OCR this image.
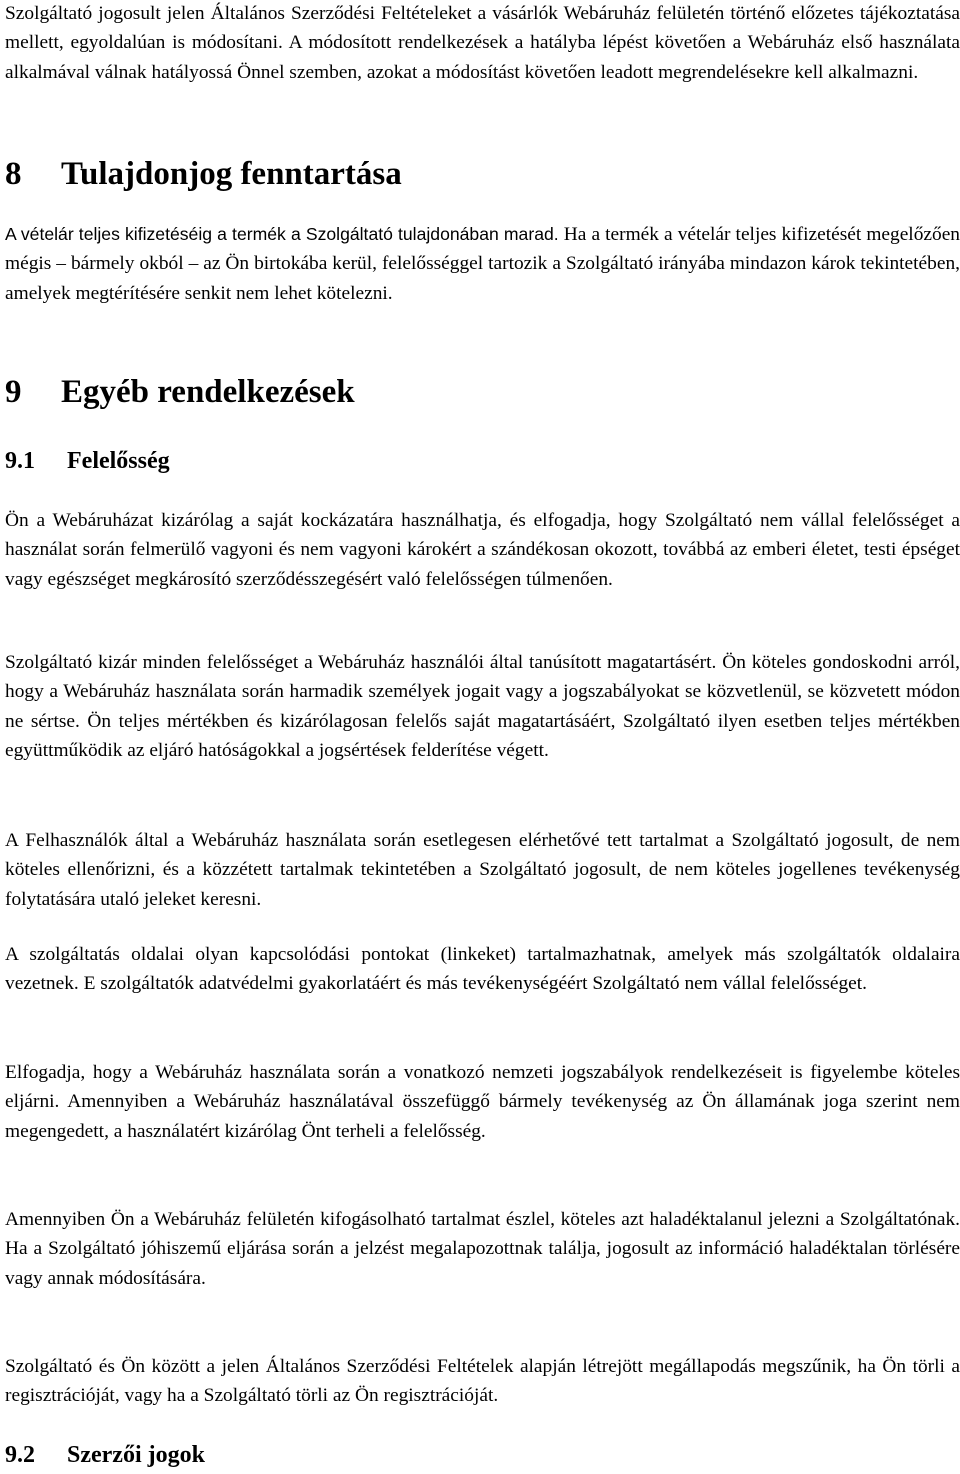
Szolgáltató jogosult jelen Általános Szerződési Feltételeket a vásárlók Webáruház felületén történő előzetes tájékoztatása mellett, egyoldalúan is módosítani. A módosított rendelkezések a hatályba lépést követően a Webáruház első használata alkalmával válnak hatályossá Önnel szemben, azokat a módosítást követően leadott megrendelésekre kell alkalmazni.

8 Tulajdonjog fenntartása

A vételár teljes kifizetéséig a termék a Szolgáltató tulajdonában marad. Ha a termék a vételár teljes kifizetését megelőzően mégis – bármely okból – az Ön birtokába kerül, felelősséggel tartozik a Szolgáltató irányába mindazon károk tekintetében, amelyek megtérítésére senkit nem lehet kötelezni.

9 Egyéb rendelkezések
9.1 Felelősség

Ön a Webáruházat kizárólag a saját kockázatára használhatja, és elfogadja, hogy Szolgáltató nem vállal felelősséget a használat során felmerülő vagyoni és nem vagyoni károkért a szándékosan okozott, továbbá az emberi életet, testi épséget vagy egészséget megkárosító szerződésszegésért való felelősségen túlmenően.

Szolgáltató kizár minden felelősséget a Webáruház használói által tanúsított magatartásért. Ön köteles gondoskodni arról, hogy a Webáruház használata során harmadik személyek jogait vagy a jogszabályokat se közvetlenül, se közvetett módon ne sértse. Ön teljes mértékben és kizárólagosan felelős saját magatartásáért, Szolgáltató ilyen esetben teljes mértékben együttműködik az eljáró hatóságokkal a jogsértések felderítése végett.

A Felhasználók által a Webáruház használata során esetlegesen elérhetővé tett tartalmat a Szolgáltató jogosult, de nem köteles ellenőrizni, és a közzétett tartalmak tekintetében a Szolgáltató jogosult, de nem köteles jogellenes tevékenység folytatására utaló jeleket keresni.

A szolgáltatás oldalai olyan kapcsolódási pontokat (linkeket) tartalmazhatnak, amelyek más szolgáltatók oldalaira vezetnek. E szolgáltatók adatvédelmi gyakorlatáért és más tevékenységéért Szolgáltató nem vállal felelősséget.

Elfogadja, hogy a Webáruház használata során a vonatkozó nemzeti jogszabályok rendelkezéseit is figyelembe köteles eljárni. Amennyiben a Webáruház használatával összefüggő bármely tevékenység az Ön államának joga szerint nem megengedett, a használatért kizárólag Önt terheli a felelősség.

Amennyiben Ön a Webáruház felületén kifogásolható tartalmat észlel, köteles azt haladéktalanul jelezni a Szolgáltatónak. Ha a Szolgáltató jóhiszemű eljárása során a jelzést megalapozottnak találja, jogosult az információ haladéktalan törlésére vagy annak módosítására.

Szolgáltató és Ön között a jelen Általános Szerződési Feltételek alapján létrejött megállapodás megszűnik, ha Ön törli a regisztrációját, vagy ha a Szolgáltató törli az Ön regisztrációját.

9.2 Szerzői jogok
